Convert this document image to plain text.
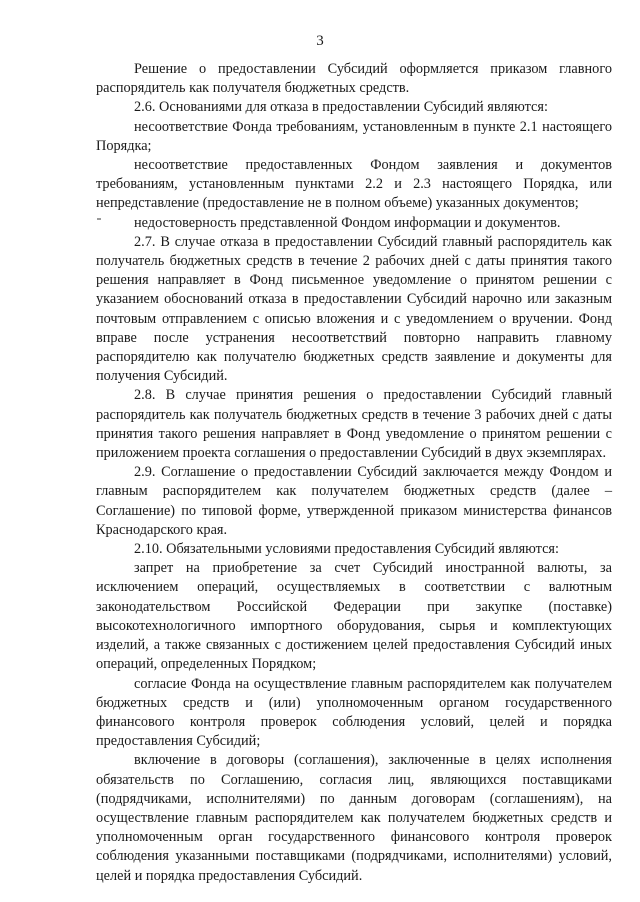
3

Решение о предоставлении Субсидий оформляется приказом главного распорядитель как получателя бюджетных средств.

2.6. Основаниями для отказа в предоставлении Субсидий являются:

несоответствие Фонда требованиям, установленным в пункте 2.1 настоящего Порядка;

несоответствие предоставленных Фондом заявления и документов требованиям, установленным пунктами 2.2 и 2.3 настоящего Порядка, или непредставление (предоставление не в полном объеме) указанных документов;

недостоверность представленной Фондом информации и документов.

2.7. В случае отказа в предоставлении Субсидий главный распорядитель как получатель бюджетных средств в течение 2 рабочих дней с даты принятия такого решения направляет в Фонд письменное уведомление о принятом решении с указанием обоснований отказа в предоставлении Субсидий нарочно или заказным почтовым отправлением с описью вложения и с уведомлением о вручении. Фонд вправе после устранения несоответствий повторно направить главному распорядителю как получателю бюджетных средств заявление и документы для получения Субсидий.

2.8. В случае принятия решения о предоставлении Субсидий главный распорядитель как получатель бюджетных средств в течение 3 рабочих дней с даты принятия такого решения направляет в Фонд уведомление о принятом решении с приложением проекта соглашения о предоставлении Субсидий в двух экземплярах.

2.9. Соглашение о предоставлении Субсидий заключается между Фондом и главным распорядителем как получателем бюджетных средств (далее – Соглашение) по типовой форме, утвержденной приказом министерства финансов Краснодарского края.

2.10. Обязательными условиями предоставления Субсидий являются:

запрет на приобретение за счет Субсидий иностранной валюты, за исключением операций, осуществляемых в соответствии с валютным законодательством Российской Федерации при закупке (поставке) высокотехнологичного импортного оборудования, сырья и комплектующих изделий, а также связанных с достижением целей предоставления Субсидий иных операций, определенных Порядком;

согласие Фонда на осуществление главным распорядителем как получателем бюджетных средств и (или) уполномоченным органом государственного финансового контроля проверок соблюдения условий, целей и порядка предоставления Субсидий;

включение в договоры (соглашения), заключенные в целях исполнения обязательств по Соглашению, согласия лиц, являющихся поставщиками (подрядчиками, исполнителями) по данным договорам (соглашениям), на осуществление главным распорядителем как получателем бюджетных средств и уполномоченным орган государственного финансового контроля проверок соблюдения указанными поставщиками (подрядчиками, исполнителями) условий, целей и порядка предоставления Субсидий.
